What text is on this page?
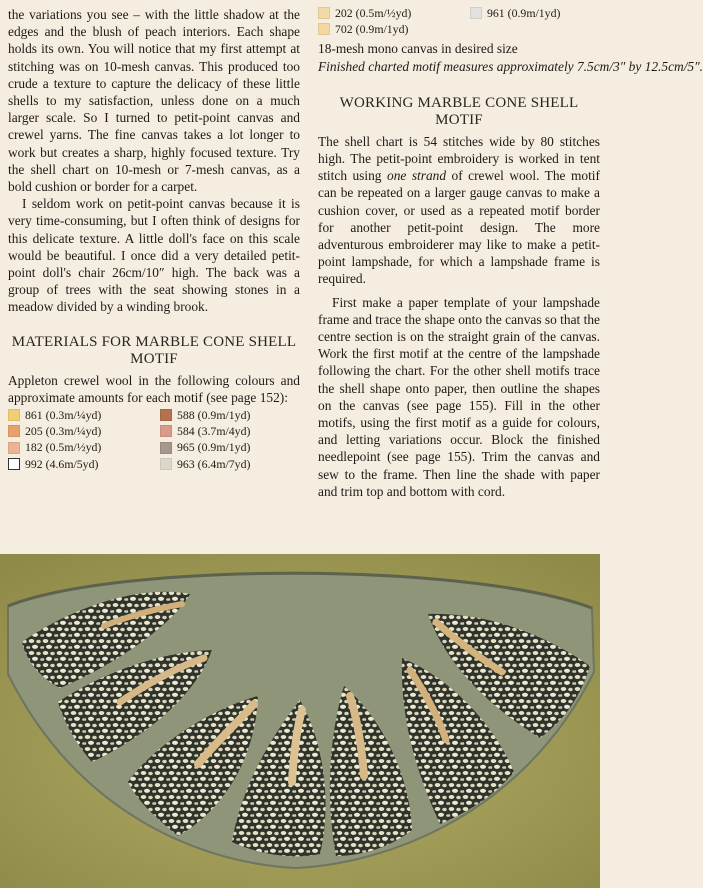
the variations you see – with the little shadow at the edges and the blush of peach interiors. Each shape holds its own. You will notice that my first attempt at stitching was on 10-mesh canvas. This produced too crude a texture to capture the delicacy of these little shells to my satisfaction, unless done on a much larger scale. So I turned to petit-point canvas and crewel yarns. The fine canvas takes a lot longer to work but creates a sharp, highly focused texture. Try the shell chart on 10-mesh or 7-mesh canvas, as a bold cushion or border for a carpet.

I seldom work on petit-point canvas because it is very time-consuming, but I often think of designs for this delicate texture. A little doll's face on this scale would be beautiful. I once did a very detailed petit-point doll's chair 26cm/10″ high. The back was a group of trees with the seat showing stones in a meadow divided by a winding brook.

MATERIALS FOR MARBLE CONE SHELL MOTIF

Appleton crewel wool in the following colours and approximate amounts for each motif (see page 152):

861 (0.3m/¼yd)	588 (0.9m/1yd)
205 (0.3m/¼yd)	584 (3.7m/4yd)
182 (0.5m/½yd)	965 (0.9m/1yd)
992 (4.6m/5yd)	963 (6.4m/7yd)
202 (0.5m/½yd)	961 (0.9m/1yd)
702 (0.9m/1yd)

18-mesh mono canvas in desired size

Finished charted motif measures approximately 7.5cm/3″ by 12.5cm/5″.

WORKING MARBLE CONE SHELL MOTIF

The shell chart is 54 stitches wide by 80 stitches high. The petit-point embroidery is worked in tent stitch using one strand of crewel wool. The motif can be repeated on a larger gauge canvas to make a cushion cover, or used as a repeated motif border for another petit-point design. The more adventurous embroiderer may like to make a petit-point lampshade, for which a lampshade frame is required.

First make a paper template of your lampshade frame and trace the shape onto the canvas so that the centre section is on the straight grain of the canvas. Work the first motif at the centre of the lampshade following the chart. For the other shell motifs trace the shell shape onto paper, then outline the shapes on the canvas (see page 155). Fill in the other motifs, using the first motif as a guide for colours, and letting variations occur. Block the finished needlepoint (see page 155). Trim the canvas and sew to the frame. Then line the shade with paper and trim top and bottom with cord.
